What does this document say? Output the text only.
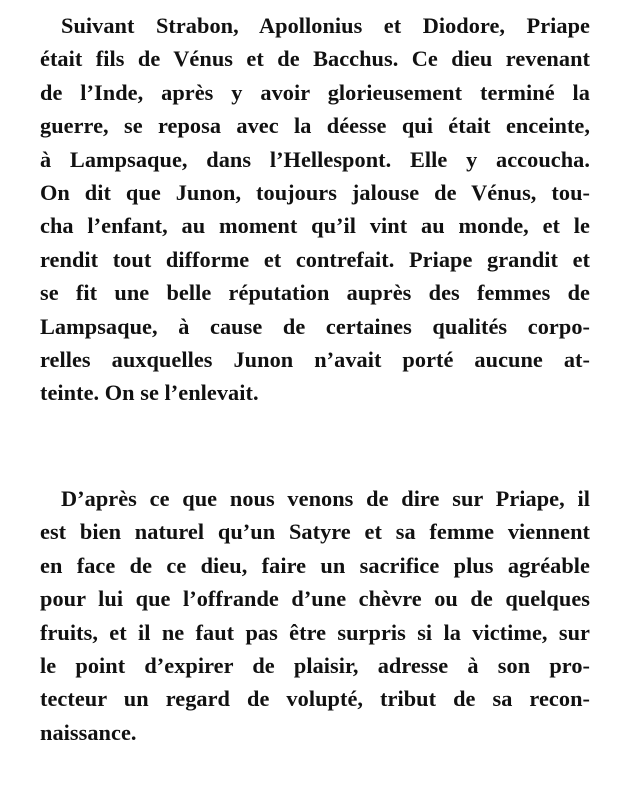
Suivant Strabon, Apollonius et Diodore, Priape
était fils de Vénus et de Bacchus. Ce dieu revenant
de l’Inde, après y avoir glorieusement terminé la
guerre, se reposa avec la déesse qui était enceinte,
à Lampsaque, dans l’Hellespont. Elle y accoucha.
On dit que Junon, toujours jalouse de Vénus, tou-
cha l’enfant, au moment qu’il vint au monde, et le
rendit tout difforme et contrefait. Priape grandit et
se fit une belle réputation auprès des femmes de
Lampsaque, à cause de certaines qualités corpo-
relles auxquelles Junon n’avait porté aucune at-
teinte. On se l’enlevait.
D’après ce que nous venons de dire sur Priape, il
est bien naturel qu’un Satyre et sa femme viennent
en face de ce dieu, faire un sacrifice plus agréable
pour lui que l’offrande d’une chèvre ou de quelques
fruits, et il ne faut pas être surpris si la victime, sur
le point d’expirer de plaisir, adresse à son pro-
tecteur un regard de volupté, tribut de sa recon-
naissance.
